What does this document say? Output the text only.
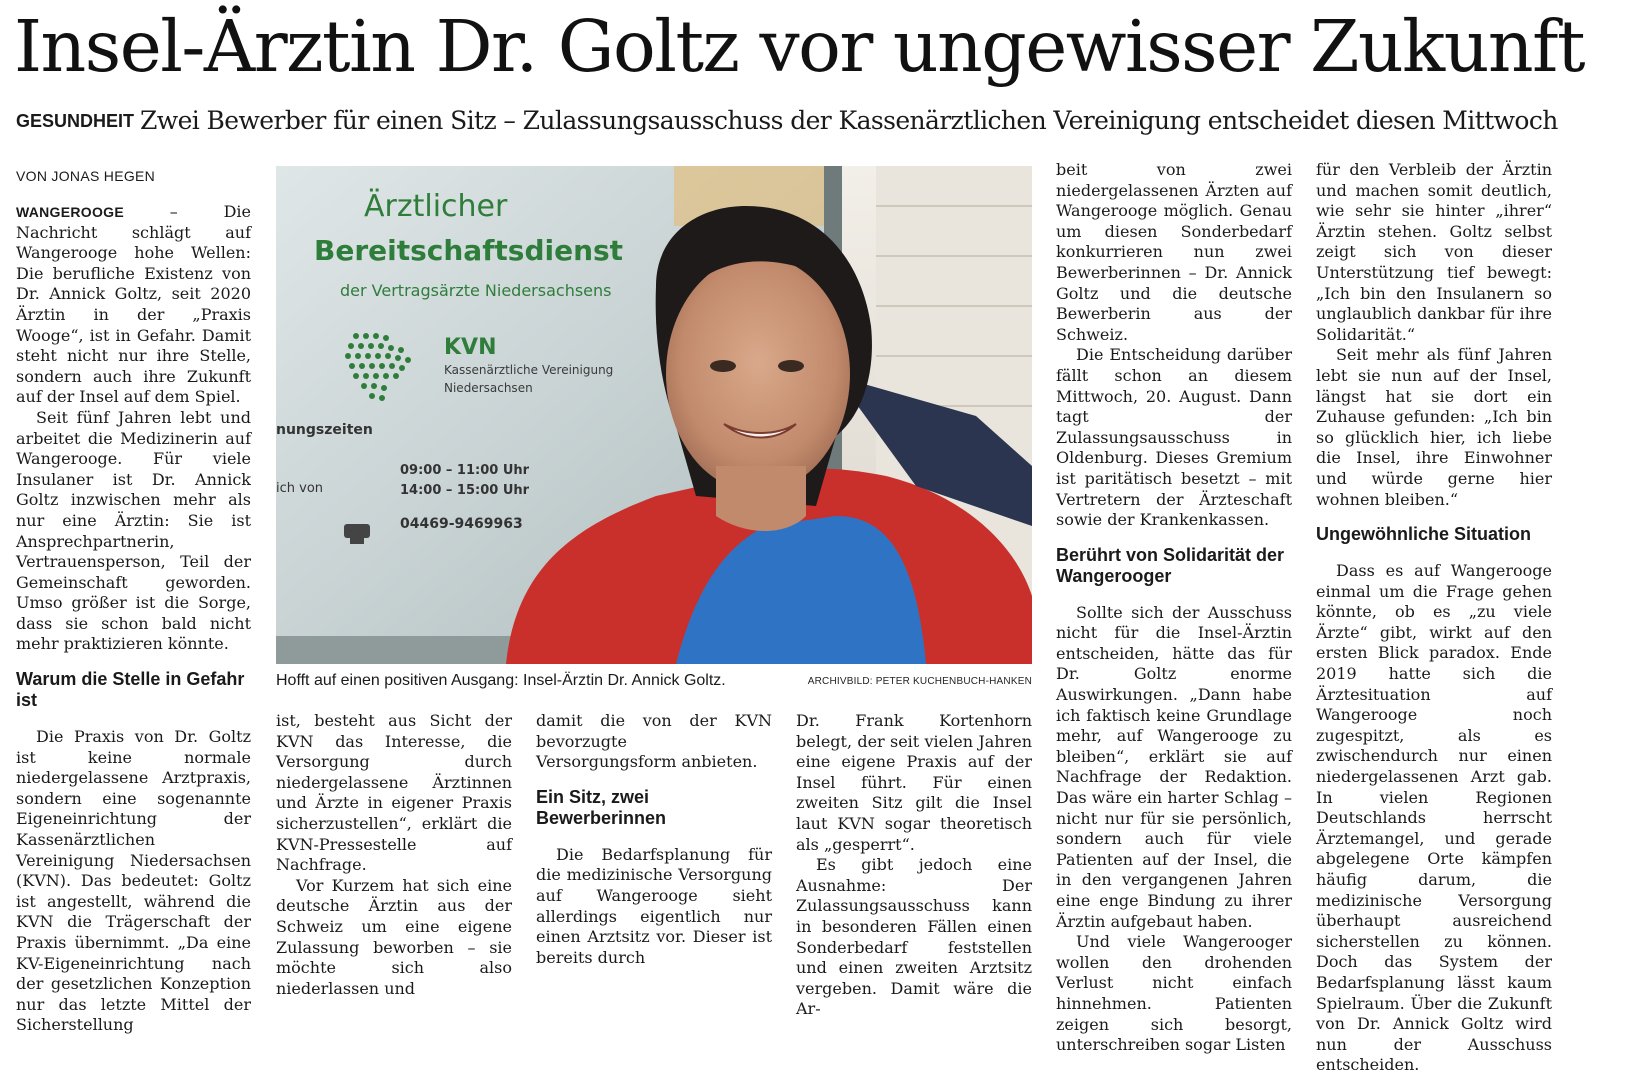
Insel-Ärztin Dr. Goltz vor ungewisser Zukunft
GESUNDHEIT Zwei Bewerber für einen Sitz – Zulassungsausschuss der Kassenärztlichen Vereinigung entscheidet diesen Mittwoch
VON JONAS HEGEN

WANGEROOGE – Die Nachricht schlägt auf Wangerooge hohe Wellen: Die berufliche Existenz von Dr. Annick Goltz, seit 2020 Ärztin in der „Praxis Wooge“, ist in Gefahr. Damit steht nicht nur ihre Stelle, sondern auch ihre Zukunft auf der Insel auf dem Spiel.

Seit fünf Jahren lebt und arbeitet die Medizinerin auf Wangerooge. Für viele Insulaner ist Dr. Annick Goltz inzwischen mehr als nur eine Ärztin: Sie ist Ansprechpartnerin, Vertrauensperson, Teil der Gemeinschaft geworden. Umso größer ist die Sorge, dass sie schon bald nicht mehr praktizieren könnte.

Warum die Stelle in Gefahr ist

Die Praxis von Dr. Goltz ist keine normale niedergelassene Arztpraxis, sondern eine sogenannte Eigeneinrichtung der Kassenärztlichen Vereinigung Niedersachsen (KVN). Das bedeutet: Goltz ist angestellt, während die KVN die Trägerschaft der Praxis übernimmt. „Da eine KV-Eigeneinrichtung nach der gesetzlichen Konzeption nur das letzte Mittel der Sicherstellung

Ärztlicher
Bereitschaftsdienst
der Vertragsärzte Niedersachsens
KVN
Kassenärztliche Vereinigung
Niedersachsen
nungszeiten
ich von
09:00 – 11:00 Uhr
14:00 – 15:00 Uhr
04469-9469963
Hofft auf einen positiven Ausgang: Insel-Ärztin Dr. Annick Goltz.	ARCHIVBILD: PETER KUCHENBUCH-HANKEN

ist, besteht aus Sicht der KVN das Interesse, die Versorgung durch niedergelassene Ärztinnen und Ärzte in eigener Praxis sicherzustellen“, erklärt die KVN-Pressestelle auf Nachfrage.

Vor Kurzem hat sich eine deutsche Ärztin aus der Schweiz um eine eigene Zulassung beworben – sie möchte sich also niederlassen und

damit die von der KVN bevorzugte Versorgungsform anbieten.

Ein Sitz, zwei Bewerberinnen

Die Bedarfsplanung für die medizinische Versorgung auf Wangerooge sieht allerdings eigentlich nur einen Arztsitz vor. Dieser ist bereits durch

Dr. Frank Kortenhorn belegt, der seit vielen Jahren eine eigene Praxis auf der Insel führt. Für einen zweiten Sitz gilt die Insel laut KVN sogar theoretisch als „gesperrt“.

Es gibt jedoch eine Ausnahme: Der Zulassungsausschuss kann in besonderen Fällen einen Sonderbedarf feststellen und einen zweiten Arztsitz vergeben. Damit wäre die Ar-

beit von zwei niedergelassenen Ärzten auf Wangerooge möglich. Genau um diesen Sonderbedarf konkurrieren nun zwei Bewerberinnen – Dr. Annick Goltz und die deutsche Bewerberin aus der Schweiz.

Die Entscheidung darüber fällt schon an diesem Mittwoch, 20. August. Dann tagt der Zulassungsausschuss in Oldenburg. Dieses Gremium ist paritätisch besetzt – mit Vertretern der Ärzteschaft sowie der Krankenkassen.

Berührt von Solidarität der Wangerooger

Sollte sich der Ausschuss nicht für die Insel-Ärztin entscheiden, hätte das für Dr. Goltz enorme Auswirkungen. „Dann habe ich faktisch keine Grundlage mehr, auf Wangerooge zu bleiben“, erklärt sie auf Nachfrage der Redaktion. Das wäre ein harter Schlag – nicht nur für sie persönlich, sondern auch für viele Patienten auf der Insel, die in den vergangenen Jahren eine enge Bindung zu ihrer Ärztin aufgebaut haben.

Und viele Wangerooger wollen den drohenden Verlust nicht einfach hinnehmen. Patienten zeigen sich besorgt, unterschreiben sogar Listen

für den Verbleib der Ärztin und machen somit deutlich, wie sehr sie hinter „ihrer“ Ärztin stehen. Goltz selbst zeigt sich von dieser Unterstützung tief bewegt: „Ich bin den Insulanern so unglaublich dankbar für ihre Solidarität.“

Seit mehr als fünf Jahren lebt sie nun auf der Insel, längst hat sie dort ein Zuhause gefunden: „Ich bin so glücklich hier, ich liebe die Insel, ihre Einwohner und würde gerne hier wohnen bleiben.“

Ungewöhnliche Situation

Dass es auf Wangerooge einmal um die Frage gehen könnte, ob es „zu viele Ärzte“ gibt, wirkt auf den ersten Blick paradox. Ende 2019 hatte sich die Ärztesituation auf Wangerooge noch zugespitzt, als es zwischendurch nur einen niedergelassenen Arzt gab. In vielen Regionen Deutschlands herrscht Ärztemangel, und gerade abgelegene Orte kämpfen häufig darum, die medizinische Versorgung überhaupt ausreichend sicherstellen zu können. Doch das System der Bedarfsplanung lässt kaum Spielraum. Über die Zukunft von Dr. Annick Goltz wird nun der Ausschuss entscheiden.
